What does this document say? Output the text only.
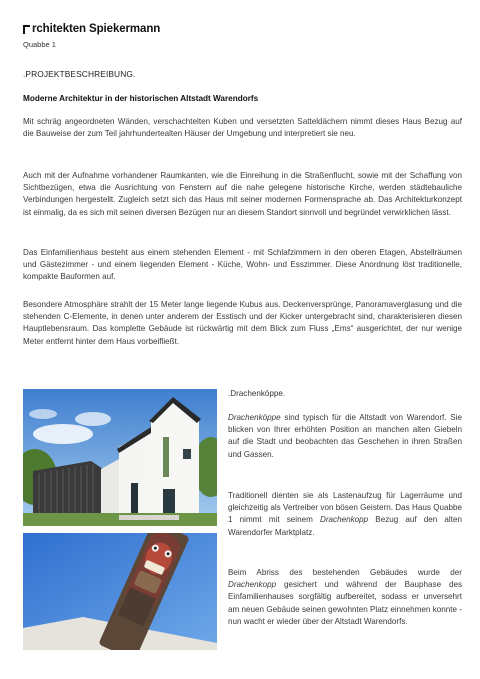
rchitekten Spiekermann
Quabbe 1
.PROJEKTBESCHREIBUNG.
Moderne Architektur in der historischen Altstadt Warendorfs

Mit schräg angeordneten Wänden, verschachtelten Kuben und versetzten Satteldächern nimmt dieses Haus Bezug auf die Bauweise der zum Teil jahrhundertealten Häuser der Umgebung und interpretiert sie neu.

Auch mit der Aufnahme vorhandener Raumkanten, wie die Einreihung in die Straßenflucht, sowie mit der Schaffung von Sichtbezügen, etwa die Ausrichtung von Fenstern auf die nahe gelegene historische Kirche, werden städtebauliche Verbindungen hergestellt. Zugleich setzt sich das Haus mit seiner modernen Formensprache ab. Das Architekturkonzept ist einmalig, da es sich mit seinen diversen Bezügen nur an diesem Standort sinnvoll und begründet verwirklichen lässt.

Das Einfamilienhaus besteht aus einem stehenden Element - mit Schlafzimmern in den oberen Etagen, Abstellräumen und Gästezimmer - und einem liegenden Element - Küche, Wohn- und Esszimmer. Diese Anordnung löst traditionelle, kompakte Bauformen auf.

Besondere Atmosphäre strahlt der 15 Meter lange liegende Kubus aus. Deckenversprünge, Panoramaverglasung und die stehenden C-Elemente, in denen unter anderem der Esstisch und der Kicker untergebracht sind, charakterisieren diesen Hauptlebensraum. Das komplette Gebäude ist rückwärtig mit dem Blick zum Fluss „Ems“ ausgerichtet, der nur wenige Meter entfernt hinter dem Haus vorbeifließt.

.Drachenköppe.

Drachenköppe sind typisch für die Altstadt von Warendorf. Sie blicken von Ihrer erhöhten Position an manchen alten Giebeln auf die Stadt und beobachten das Geschehen in ihren Straßen und Gassen.

Traditionell dienten sie als Lastenaufzug für Lagerräume und gleichzeitig als Vertreiber von bösen Geistern. Das Haus Quabbe 1 nimmt mit seinem Drachenkopp Bezug auf den alten Warendorfer Marktplatz.

Beim Abriss des bestehenden Gebäudes wurde der Drachenkopp gesichert und während der Bauphase des Einfamilienhauses sorgfältig aufbereitet, sodass er unversehrt am neuen Gebäude seinen gewohnten Platz einnehmen konnte - nun wacht er wieder über der Altstadt Warendorfs.
